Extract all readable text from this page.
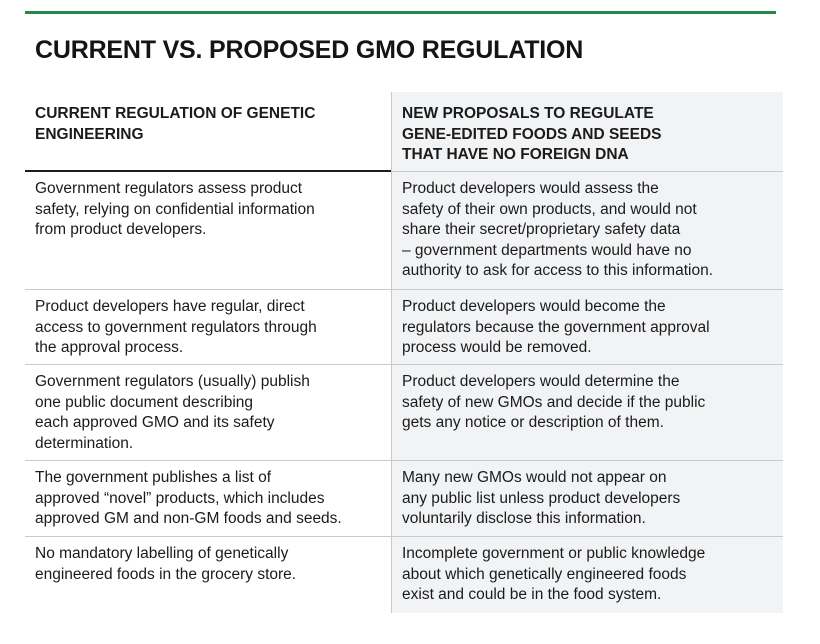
CURRENT VS. PROPOSED GMO REGULATION
CURRENT REGULATION OF GENETIC
ENGINEERING
NEW PROPOSALS TO REGULATE
GENE-EDITED FOODS AND SEEDS
THAT HAVE NO FOREIGN DNA
Government regulators assess product
safety, relying on confidential information
from product developers.
Product developers would assess the
safety of their own products, and would not
share their secret/proprietary safety data
– government departments would have no
authority to ask for access to this information.
Product developers have regular, direct
access to government regulators through
the approval process.
Product developers would become the
regulators because the government approval
process would be removed.
Government regulators (usually) publish
one public document describing
each approved GMO and its safety
determination.
Product developers would determine the
safety of new GMOs and decide if the public
gets any notice or description of them.
The government publishes a list of
approved “novel” products, which includes
approved GM and non-GM foods and seeds.
Many new GMOs would not appear on
any public list unless product developers
voluntarily disclose this information.
No mandatory labelling of genetically
engineered foods in the grocery store.
Incomplete government or public knowledge
about which genetically engineered foods
exist and could be in the food system.
